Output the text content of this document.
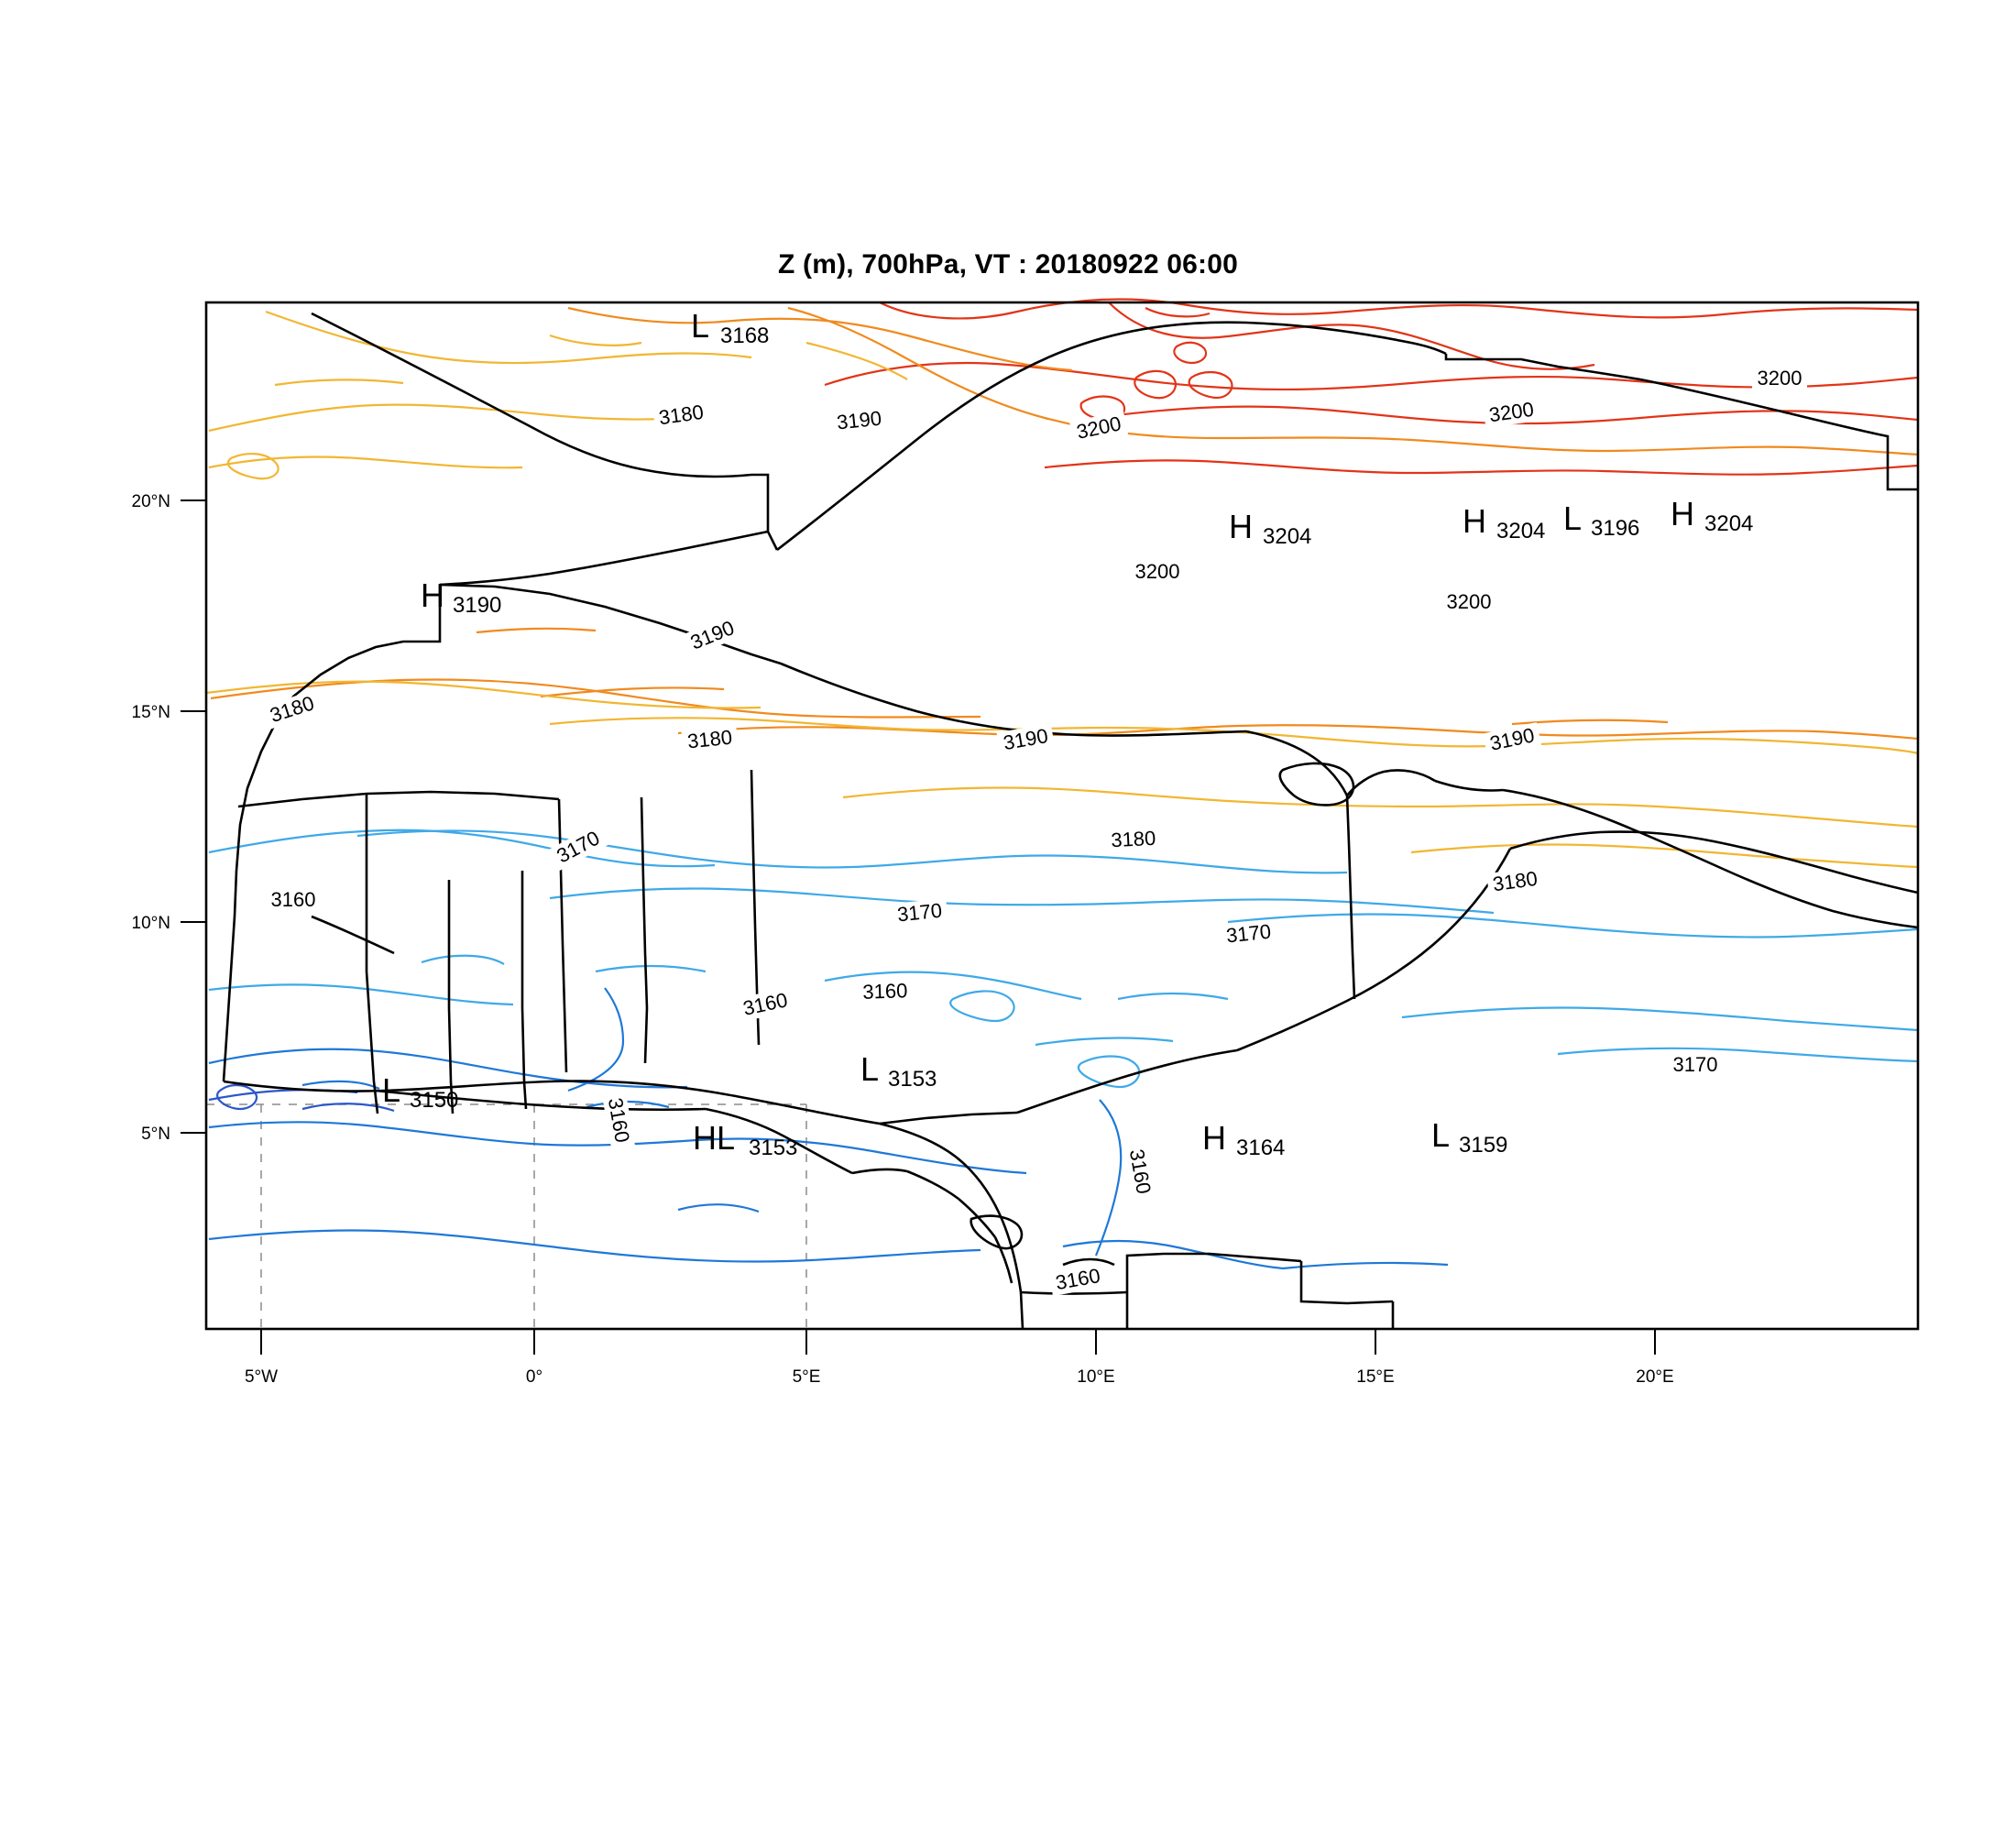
Z (m), 700hPa, VT : 20180922 06:00
20°N
15°N
10°N
5°N
5°W	0°	5°E	10°E	15°E	20°E
3180	3190	3200	3200
3200
3200
3200
3190
3180
3180	3190	3190
3170	3180
3180
3160	3170
3170
3160
3160
3170
3160
3160
3160
L 3168
H 3190
H 3204	H 3204 L 3196 H 3204
L 3150
L 3153
HL 3153	H 3164	L 3159
